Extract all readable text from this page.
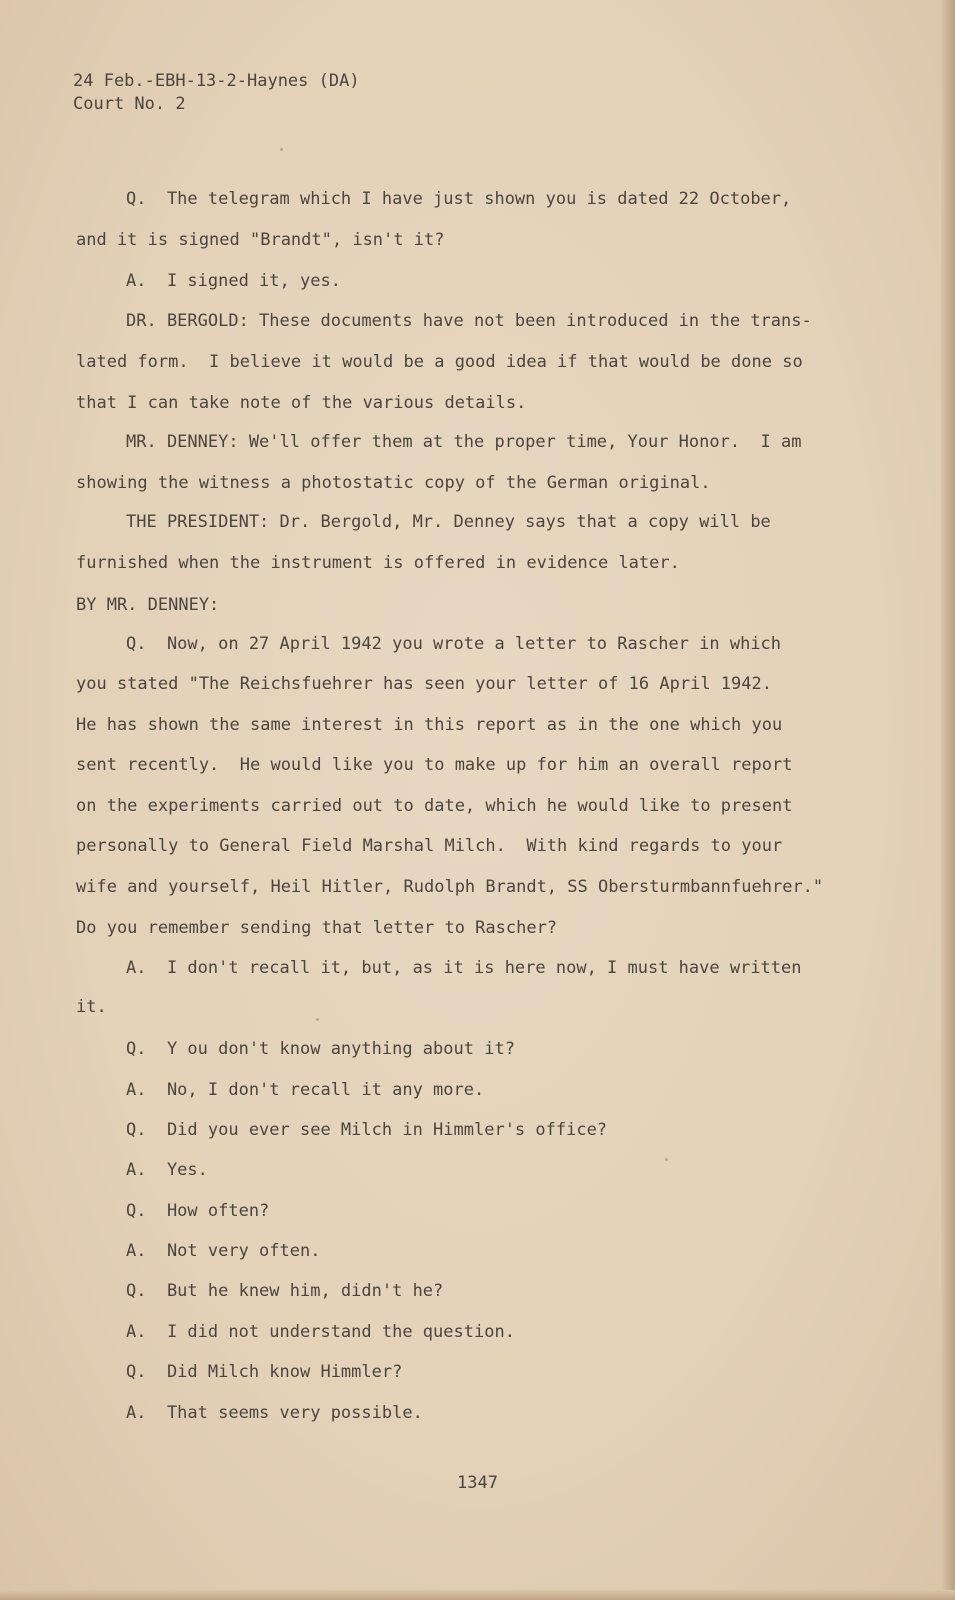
24 Feb.-EBH-13-2-Haynes (DA)
Court No. 2
Q.  The telegram which I have just shown you is dated 22 October,
and it is signed "Brandt", isn't it?
A.  I signed it, yes.
DR. BERGOLD: These documents have not been introduced in the trans-
lated form.  I believe it would be a good idea if that would be done so
that I can take note of the various details.
MR. DENNEY: We'll offer them at the proper time, Your Honor.  I am
showing the witness a photostatic copy of the German original.
THE PRESIDENT: Dr. Bergold, Mr. Denney says that a copy will be
furnished when the instrument is offered in evidence later.
BY MR. DENNEY:
Q.  Now, on 27 April 1942 you wrote a letter to Rascher in which
you stated "The Reichsfuehrer has seen your letter of 16 April 1942.
He has shown the same interest in this report as in the one which you
sent recently.  He would like you to make up for him an overall report
on the experiments carried out to date, which he would like to present
personally to General Field Marshal Milch.  With kind regards to your
wife and yourself, Heil Hitler, Rudolph Brandt, SS Obersturmbannfuehrer."
Do you remember sending that letter to Rascher?
A.  I don't recall it, but, as it is here now, I must have written
it.
Q.  Y ou don't know anything about it?
A.  No, I don't recall it any more.
Q.  Did you ever see Milch in Himmler's office?
A.  Yes.
Q.  How often?
A.  Not very often.
Q.  But he knew him, didn't he?
A.  I did not understand the question.
Q.  Did Milch know Himmler?
A.  That seems very possible.
1347
